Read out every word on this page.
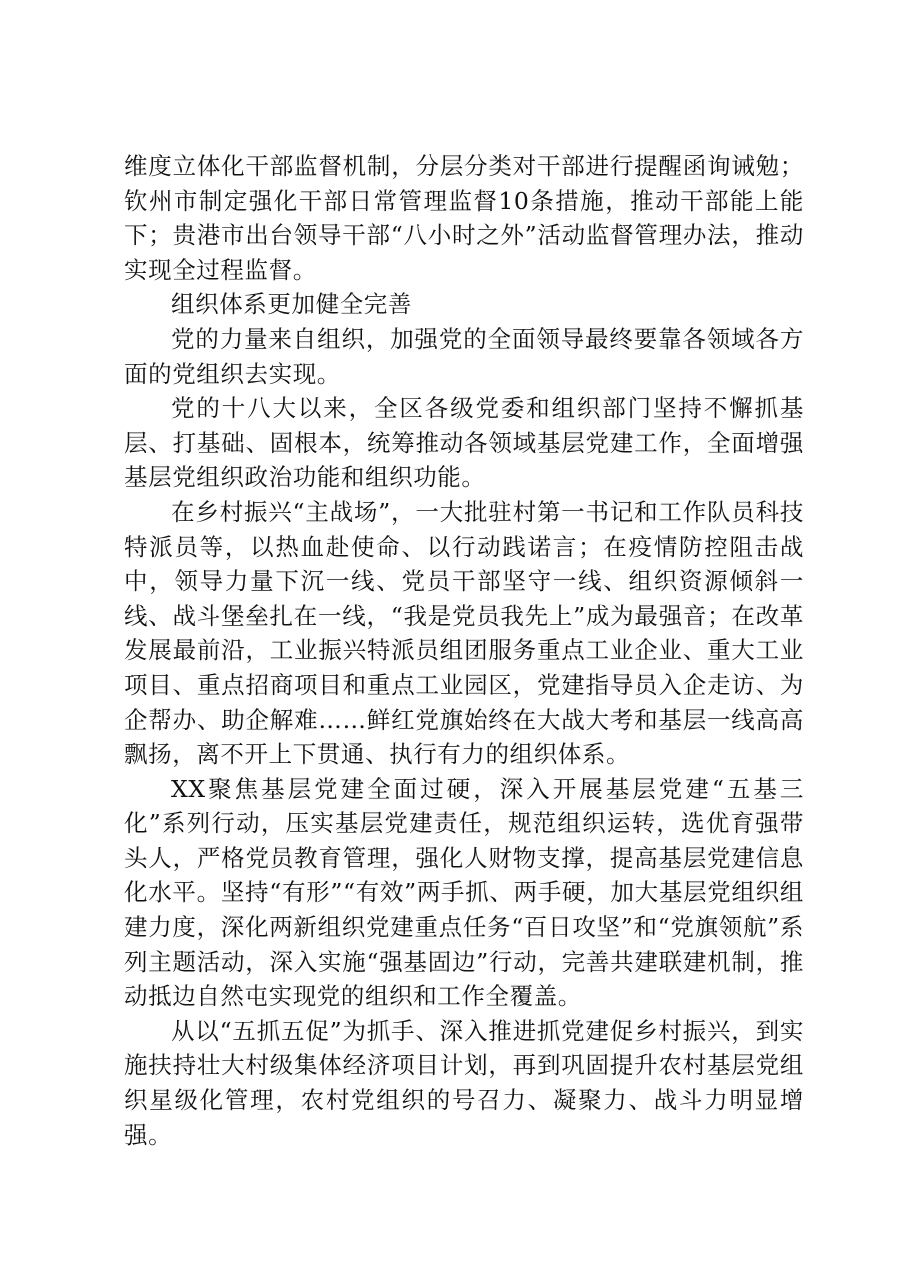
维度立体化干部监督机制，分层分类对干部进行提醒函询诫勉；钦州市制定强化干部日常管理监督10条措施，推动干部能上能下；贵港市出台领导干部“八小时之外”活动监督管理办法，推动实现全过程监督。

组织体系更加健全完善

党的力量来自组织，加强党的全面领导最终要靠各领域各方面的党组织去实现。

党的十八大以来，全区各级党委和组织部门坚持不懈抓基层、打基础、固根本，统筹推动各领域基层党建工作，全面增强基层党组织政治功能和组织功能。

在乡村振兴“主战场”，一大批驻村第一书记和工作队员科技特派员等，以热血赴使命、以行动践诺言；在疫情防控阻击战中，领导力量下沉一线、党员干部坚守一线、组织资源倾斜一线、战斗堡垒扎在一线，“我是党员我先上”成为最强音；在改革发展最前沿，工业振兴特派员组团服务重点工业企业、重大工业项目、重点招商项目和重点工业园区，党建指导员入企走访、为企帮办、助企解难……鲜红党旗始终在大战大考和基层一线高高飘扬，离不开上下贯通、执行有力的组织体系。

XX聚焦基层党建全面过硬，深入开展基层党建“五基三化”系列行动，压实基层党建责任，规范组织运转，选优育强带头人，严格党员教育管理，强化人财物支撑，提高基层党建信息化水平。坚持“有形”“有效”两手抓、两手硬，加大基层党组织组建力度，深化两新组织党建重点任务“百日攻坚”和“党旗领航”系列主题活动，深入实施“强基固边”行动，完善共建联建机制，推动抵边自然屯实现党的组织和工作全覆盖。

从以“五抓五促”为抓手、深入推进抓党建促乡村振兴，到实施扶持壮大村级集体经济项目计划，再到巩固提升农村基层党组织星级化管理，农村党组织的号召力、凝聚力、战斗力明显增强。
